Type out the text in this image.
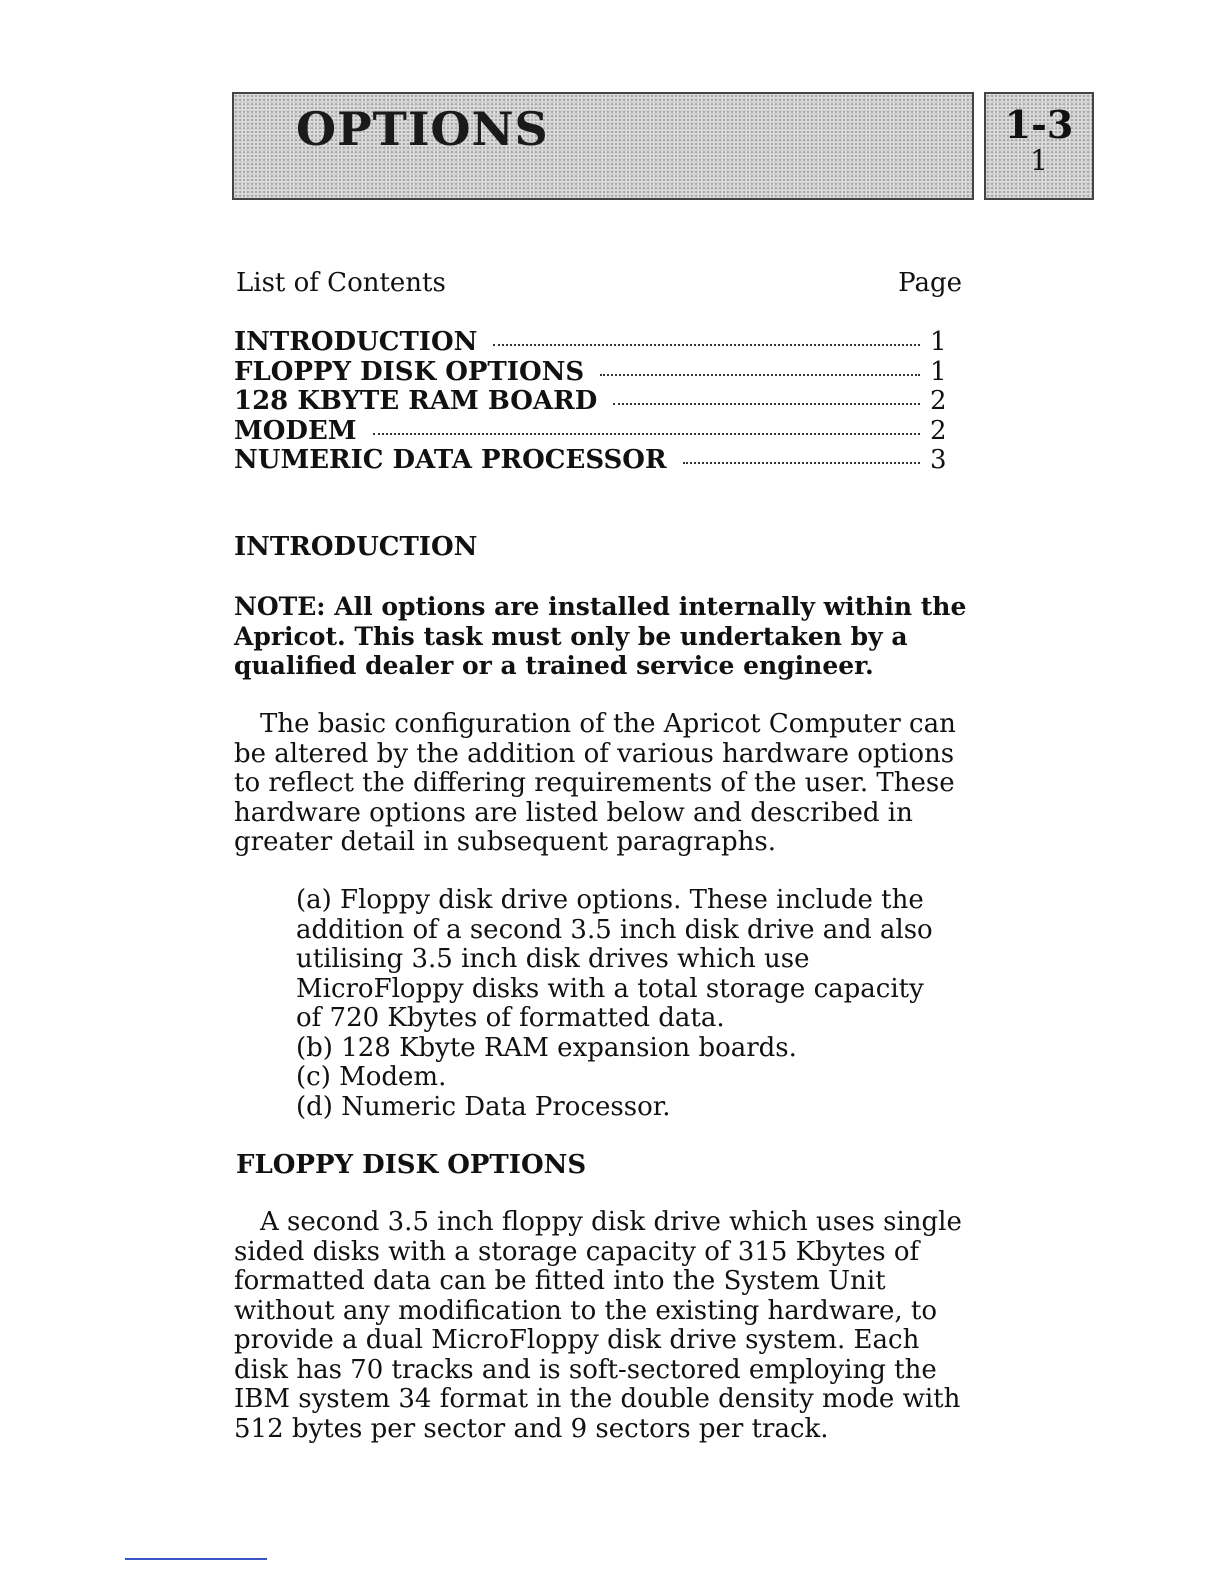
OPTIONS	1-3
1
List of Contents	Page
INTRODUCTION	1
FLOPPY DISK OPTIONS	1
128 KBYTE RAM BOARD	2
MODEM	2
NUMERIC DATA PROCESSOR	3
INTRODUCTION
NOTE: All options are installed internally within the Apricot. This task must only be undertaken by a qualified dealer or a trained service engineer.
The basic configuration of the Apricot Computer can be altered by the addition of various hardware options to reflect the differing requirements of the user. These hardware options are listed below and described in greater detail in subsequent paragraphs.

(a) Floppy disk drive options. These include the addition of a second 3.5 inch disk drive and also utilising 3.5 inch disk drives which use MicroFloppy disks with a total storage capacity of 720 Kbytes of formatted data.

(b) 128 Kbyte RAM expansion boards.

(c) Modem.

(d) Numeric Data Processor.

FLOPPY DISK OPTIONS
A second 3.5 inch floppy disk drive which uses single sided disks with a storage capacity of 315 Kbytes of formatted data can be fitted into the System Unit without any modification to the existing hardware, to provide a dual MicroFloppy disk drive system. Each disk has 70 tracks and is soft-sectored employing the IBM system 34 format in the double density mode with 512 bytes per sector and 9 sectors per track.
